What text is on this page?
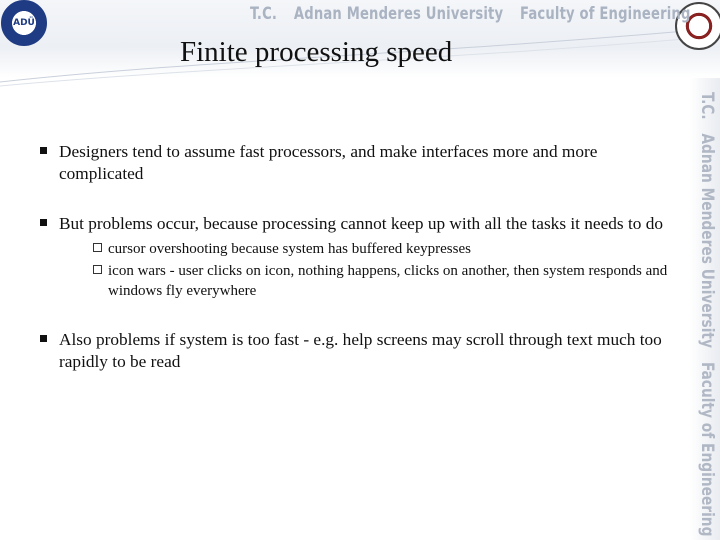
ADÜ	T.C. Adnan Menderes University Faculty of Engineering
T.C. Adnan Menderes University Faculty of Engineering
Finite processing speed
Designers tend to assume fast processors, and make interfaces more and more complicated
But problems occur, because processing cannot keep up with all the tasks it needs to do
cursor overshooting because system has buffered keypresses
icon wars - user clicks on icon, nothing happens, clicks on another, then system responds and windows fly everywhere
Also problems if system is too fast - e.g. help screens may scroll through text much too rapidly to be read
